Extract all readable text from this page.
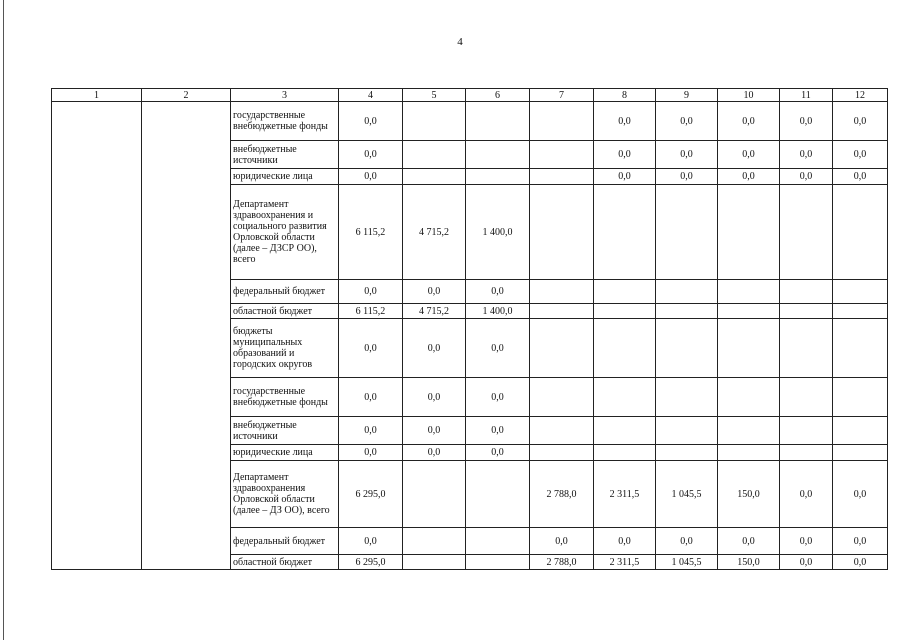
4
1	2	3	4	5	6	7	8	9	10	11	12
		государственные внебюджетные фонды	0,0				0,0	0,0	0,0	0,0	0,0
		внебюджетные источники	0,0				0,0	0,0	0,0	0,0	0,0
		юридические лица	0,0				0,0	0,0	0,0	0,0	0,0
		Департамент здравоохранения и социального развития Орловской области (далее – ДЗСР ОО), всего	6 115,2	4 715,2	1 400,0						
		федеральный бюджет	0,0	0,0	0,0						
		областной бюджет	6 115,2	4 715,2	1 400,0						
		бюджеты муниципальных образований и городских округов	0,0	0,0	0,0						
		государственные внебюджетные фонды	0,0	0,0	0,0						
		внебюджетные источники	0,0	0,0	0,0						
		юридические лица	0,0	0,0	0,0						
		Департамент здравоохранения Орловской области (далее – ДЗ ОО), всего	6 295,0			2 788,0	2 311,5	1 045,5	150,0	0,0	0,0
		федеральный бюджет	0,0			0,0	0,0	0,0	0,0	0,0	0,0
		областной бюджет	6 295,0			2 788,0	2 311,5	1 045,5	150,0	0,0	0,0
